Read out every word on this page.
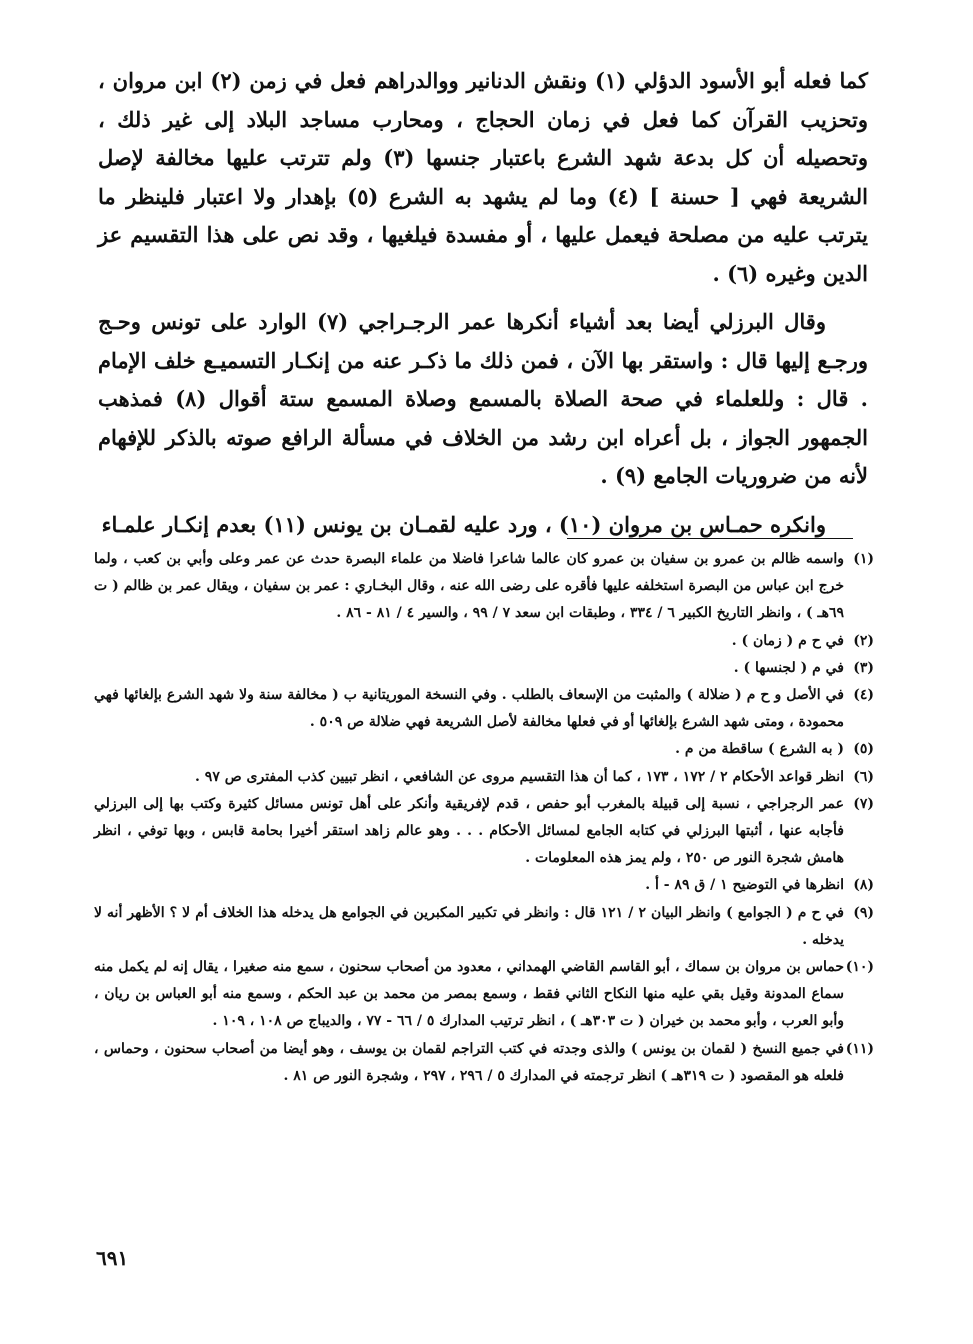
كما فعله أبو الأسود الدؤلي (١) ونقش الدنانير ووالدراهم فعل في زمن (٢) ابن مروان ، وتحزيب القرآن كما فعل في زمان الحجاج ، ومحارب مساجد البلاد إلى غير ذلك ، وتحصيله أن كل بدعة شهد الشرع باعتبار جنسها (٣) ولم تترتب عليها مخالفة لإصل الشريعة فهي [ حسنة ] (٤) وما لم يشهد به الشرع (٥) بإهدار ولا اعتبار فلينظر ما يترتب عليه من مصلحة فيعمل عليها ، أو مفسدة فيلغيها ، وقد نص على هذا التقسيم عز الدين وغيره (٦) .

وقال البرزلي أيضا بعد أشياء أنكرها عمر الرجـراجي (٧) الوارد على تونس وحـج ورجـع إليها قال : واستقر بها الآن ، فمن ذلك ما ذكـر عنه من إنكـار التسميـع خلف الإمام . قال : وللعلماء في صحة الصلاة بالمسمع وصلاة المسمع ستة أقوال (٨) فمذهب الجمهور الجواز ، بل أعراه ابن رشد من الخلاف في مسألة الرافع صوته بالذكر للإفهام لأنه من ضروريات الجامع (٩) .

وانكره حمـاس بن مروان (١٠) ، ورد عليه لقمـان بن يونس (١١) بعدم إنكـار علمـاء

(١)
واسمه ظالم بن عمرو بن سفيان بن عمرو كان عالما شاعرا فاضلا من علماء البصرة حدث عن عمر وعلى وأبي بن كعب ، ولما خرج ابن عباس من البصرة استخلفه عليها فأقره على رضى الله عنه ، وقال البخـاري : عمر بن سفيان ، ويقال عمر بن ظالم ( ت ٦٩هـ ) ، وانظر التاريخ الكبير ٦ / ٣٣٤ ، وطبقات ابن سعد ٧ / ٩٩ ، والسير ٤ / ٨١ - ٨٦ .
(٢)
في ح م ( زمان ) .
(٣)
في م ( لجنسها ) .
(٤)
في الأصل و ح م ( ضلالة ) والمثبت من الإسعاف بالطلب . وفي النسخة الموريتانية ب ( مخالفة سنة ولا شهد الشرع بإلغائها فهي محمودة ، ومتى شهد الشرع بإلغائها أو في فعلها مخالفة لأصل الشريعة فهي ضلالة ص ٥٠٩ .
(٥)
( به الشرع ) ساقطة من م .
(٦)
انظر قواعد الأحكام ٢ / ١٧٢ ، ١٧٣ ، كما أن هذا التقسيم مروى عن الشافعي ، انظر تبيين كذب المفترى ص ٩٧ .
(٧)
عمر الرجراجي ، نسبة إلى قبيلة بالمغرب أبو حفص ، قدم لإفريقية وأنكر على أهل تونس مسائل كثيرة وكتب بها إلى البرزلي فأجابه عنها ، أثبتها البرزلي في كتابه الجامع لمسائل الأحكام . . . وهو عالم زاهد استقر أخيرا بحامة قابس ، وبها توفي ، انظر هامش شجرة النور ص ٢٥٠ ، ولم يمز هذه المعلومات .
(٨)
انظرها في التوضيح ١ / ق ٨٩ - أ .
(٩)
في ح م ( الجوامع ) وانظر البيان ٢ / ١٢١ قال : وانظر في تكبير المكبرين في الجوامع هل يدخله هذا الخلاف أم لا ؟ الأظهر أنه لا يدخله .
(١٠)
حماس بن مروان بن سماك ، أبو القاسم القاضي الهمداني ، معدود من أصحاب سحنون ، سمع منه صغيرا ، يقال إنه لم يكمل منه سماع المدونة وقيل بقي عليه منها النكاح الثاني فقط ، وسمع بمصر من محمد بن عبد الحكم ، وسمع منه أبو العباس بن ريان ، وأبو العرب ، وأبو محمد بن خيران ( ت ٣٠٣هـ ) ، انظر ترتيب المدارك ٥ / ٦٦ - ٧٧ ، والديباج ص ١٠٨ ، ١٠٩ .
(١١)
في جميع النسخ ( لقمان بن يونس ) والذى وجدته في كتب التراجم لقمان بن يوسف ، وهو أيضا من أصحاب سحنون ، وحماس ، فلعله هو المقصود ( ت ٣١٩هـ ) انظر ترجمته في المدارك ٥ / ٢٩٦ ، ٢٩٧ ، وشجرة النور ص ٨١ .
٦٩١
